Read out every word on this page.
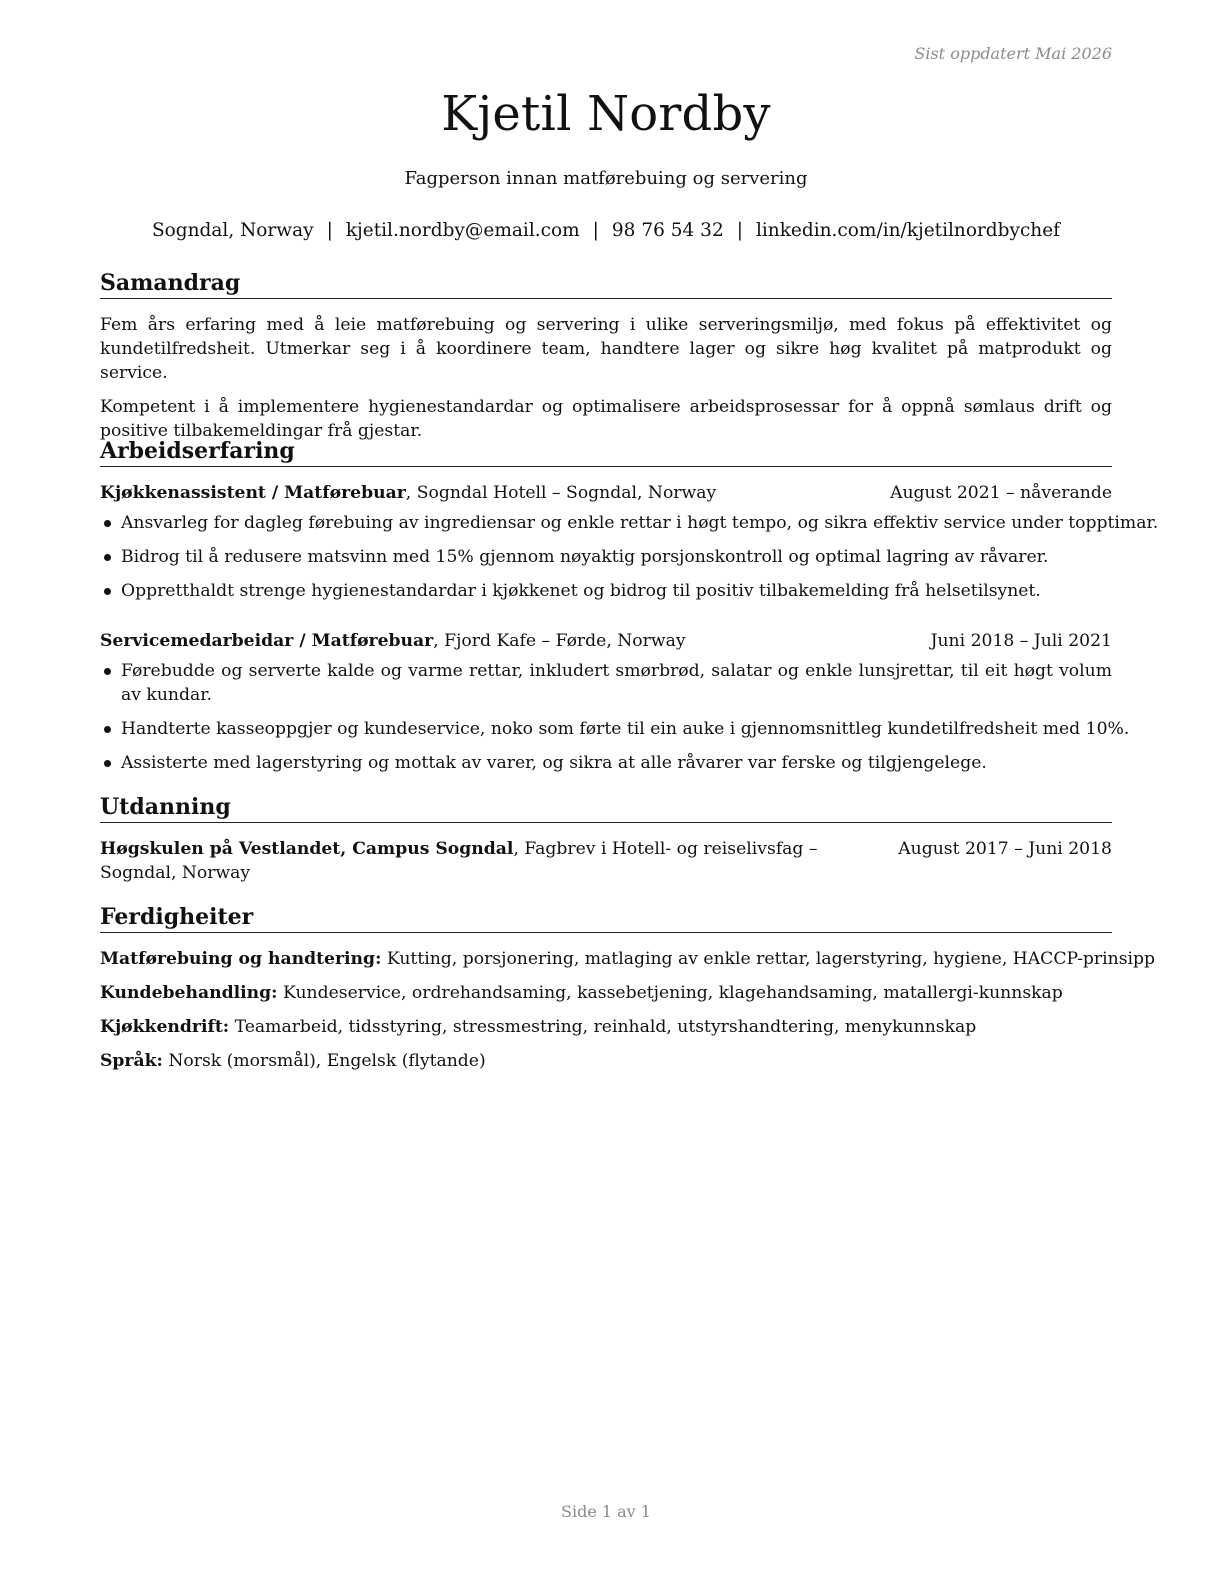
Sist oppdatert Mai 2026
Kjetil Nordby
Fagperson innan matførebuing og servering
Sogndal, Norway | kjetil.nordby@email.com | 98 76 54 32 | linkedin.com/in/kjetilnordbychef
Samandrag

Fem års erfaring med å leie matførebuing og servering i ulike serveringsmiljø, med fokus på effektivitet og kundetilfredsheit. Utmerkar seg i å koordinere team, handtere lager og sikre høg kvalitet på matprodukt og service.

Kompetent i å implementere hygienestandardar og optimalisere arbeidsprosessar for å oppnå sømlaus drift og positive tilbakemeldingar frå gjestar.

Arbeidserfaring
Kjøkkenassistent / Matførebuar, Sogndal Hotell – Sogndal, Norway	August 2021 – nåverande
Ansvarleg for dagleg førebuing av ingrediensar og enkle rettar i høgt tempo, og sikra effektiv service under topptimar.
Bidrog til å redusere matsvinn med 15% gjennom nøyaktig porsjonskontroll og optimal lagring av råvarer.
Oppretthaldt strenge hygienestandardar i kjøkkenet og bidrog til positiv tilbakemelding frå helsetilsynet.
Servicemedarbeidar / Matførebuar, Fjord Kafe – Førde, Norway	Juni 2018 – Juli 2021
Førebudde og serverte kalde og varme rettar, inkludert smørbrød, salatar og enkle lunsjrettar, til eit høgt volum av kundar.
Handterte kasseoppgjer og kundeservice, noko som førte til ein auke i gjennomsnittleg kundetilfredsheit med 10%.
Assisterte med lagerstyring og mottak av varer, og sikra at alle råvarer var ferske og tilgjengelege.
Utdanning
Høgskulen på Vestlandet, Campus Sogndal, Fagbrev i Hotell- og reiselivsfag – Sogndal, Norway
August 2017 – Juni 2018
Ferdigheiter
Matførebuing og handtering: Kutting, porsjonering, matlaging av enkle rettar, lagerstyring, hygiene, HACCP-prinsipp
Kundebehandling: Kundeservice, ordrehandsaming, kassebetjening, klagehandsaming, matallergi-kunnskap
Kjøkkendrift: Teamarbeid, tidsstyring, stressmestring, reinhald, utstyrshandtering, menykunnskap
Språk: Norsk (morsmål), Engelsk (flytande)
Side 1 av 1
